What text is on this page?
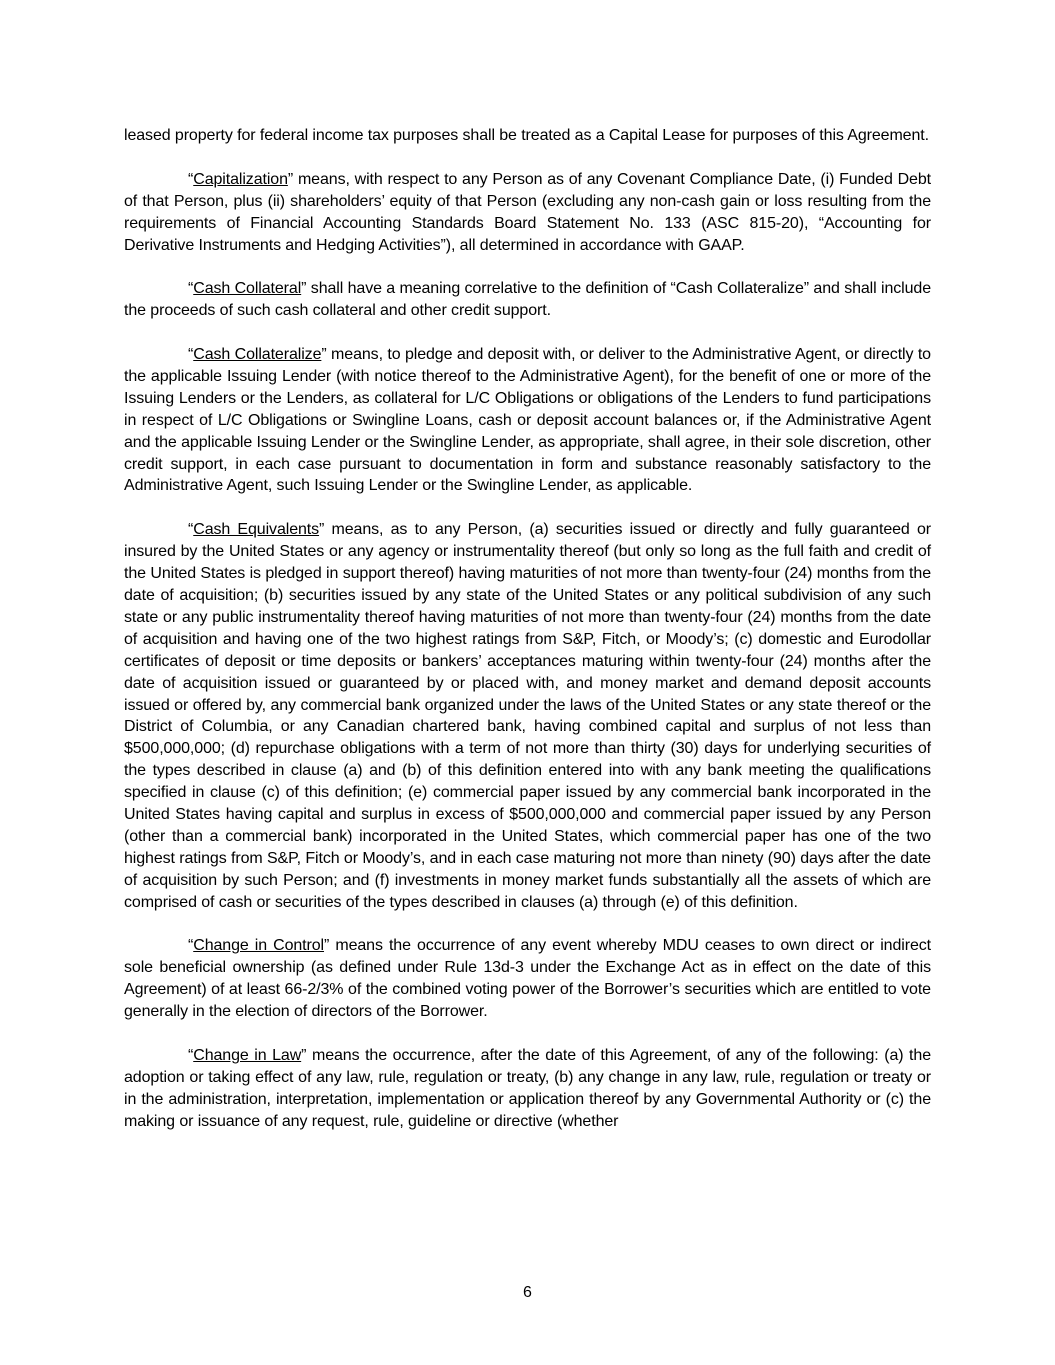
leased property for federal income tax purposes shall be treated as a Capital Lease for purposes of this Agreement.

“Capitalization” means, with respect to any Person as of any Covenant Compliance Date, (i) Funded Debt of that Person, plus (ii) shareholders’ equity of that Person (excluding any non-cash gain or loss resulting from the requirements of Financial Accounting Standards Board Statement No. 133 (ASC 815-20), “Accounting for Derivative Instruments and Hedging Activities”), all determined in accordance with GAAP.

“Cash Collateral” shall have a meaning correlative to the definition of “Cash Collateralize” and shall include the proceeds of such cash collateral and other credit support.

“Cash Collateralize” means, to pledge and deposit with, or deliver to the Administrative Agent, or directly to the applicable Issuing Lender (with notice thereof to the Administrative Agent), for the benefit of one or more of the Issuing Lenders or the Lenders, as collateral for L/C Obligations or obligations of the Lenders to fund participations in respect of L/C Obligations or Swingline Loans, cash or deposit account balances or, if the Administrative Agent and the applicable Issuing Lender or the Swingline Lender, as appropriate, shall agree, in their sole discretion, other credit support, in each case pursuant to documentation in form and substance reasonably satisfactory to the Administrative Agent, such Issuing Lender or the Swingline Lender, as applicable.

“Cash Equivalents” means, as to any Person, (a) securities issued or directly and fully guaranteed or insured by the United States or any agency or instrumentality thereof (but only so long as the full faith and credit of the United States is pledged in support thereof) having maturities of not more than twenty-four (24) months from the date of acquisition; (b) securities issued by any state of the United States or any political subdivision of any such state or any public instrumentality thereof having maturities of not more than twenty-four (24) months from the date of acquisition and having one of the two highest ratings from S&P, Fitch, or Moody’s; (c) domestic and Eurodollar certificates of deposit or time deposits or bankers’ acceptances maturing within twenty-four (24) months after the date of acquisition issued or guaranteed by or placed with, and money market and demand deposit accounts issued or offered by, any commercial bank organized under the laws of the United States or any state thereof or the District of Columbia, or any Canadian chartered bank, having combined capital and surplus of not less than $500,000,000; (d) repurchase obligations with a term of not more than thirty (30) days for underlying securities of the types described in clause (a) and (b) of this definition entered into with any bank meeting the qualifications specified in clause (c) of this definition; (e) commercial paper issued by any commercial bank incorporated in the United States having capital and surplus in excess of $500,000,000 and commercial paper issued by any Person (other than a commercial bank) incorporated in the United States, which commercial paper has one of the two highest ratings from S&P, Fitch or Moody’s, and in each case maturing not more than ninety (90) days after the date of acquisition by such Person; and (f) investments in money market funds substantially all the assets of which are comprised of cash or securities of the types described in clauses (a) through (e) of this definition.

“Change in Control” means the occurrence of any event whereby MDU ceases to own direct or indirect sole beneficial ownership (as defined under Rule 13d-3 under the Exchange Act as in effect on the date of this Agreement) of at least 66-2/3% of the combined voting power of the Borrower’s securities which are entitled to vote generally in the election of directors of the Borrower.

“Change in Law” means the occurrence, after the date of this Agreement, of any of the following: (a) the adoption or taking effect of any law, rule, regulation or treaty, (b) any change in any law, rule, regulation or treaty or in the administration, interpretation, implementation or application thereof by any Governmental Authority or (c) the making or issuance of any request, rule, guideline or directive (whether

6
